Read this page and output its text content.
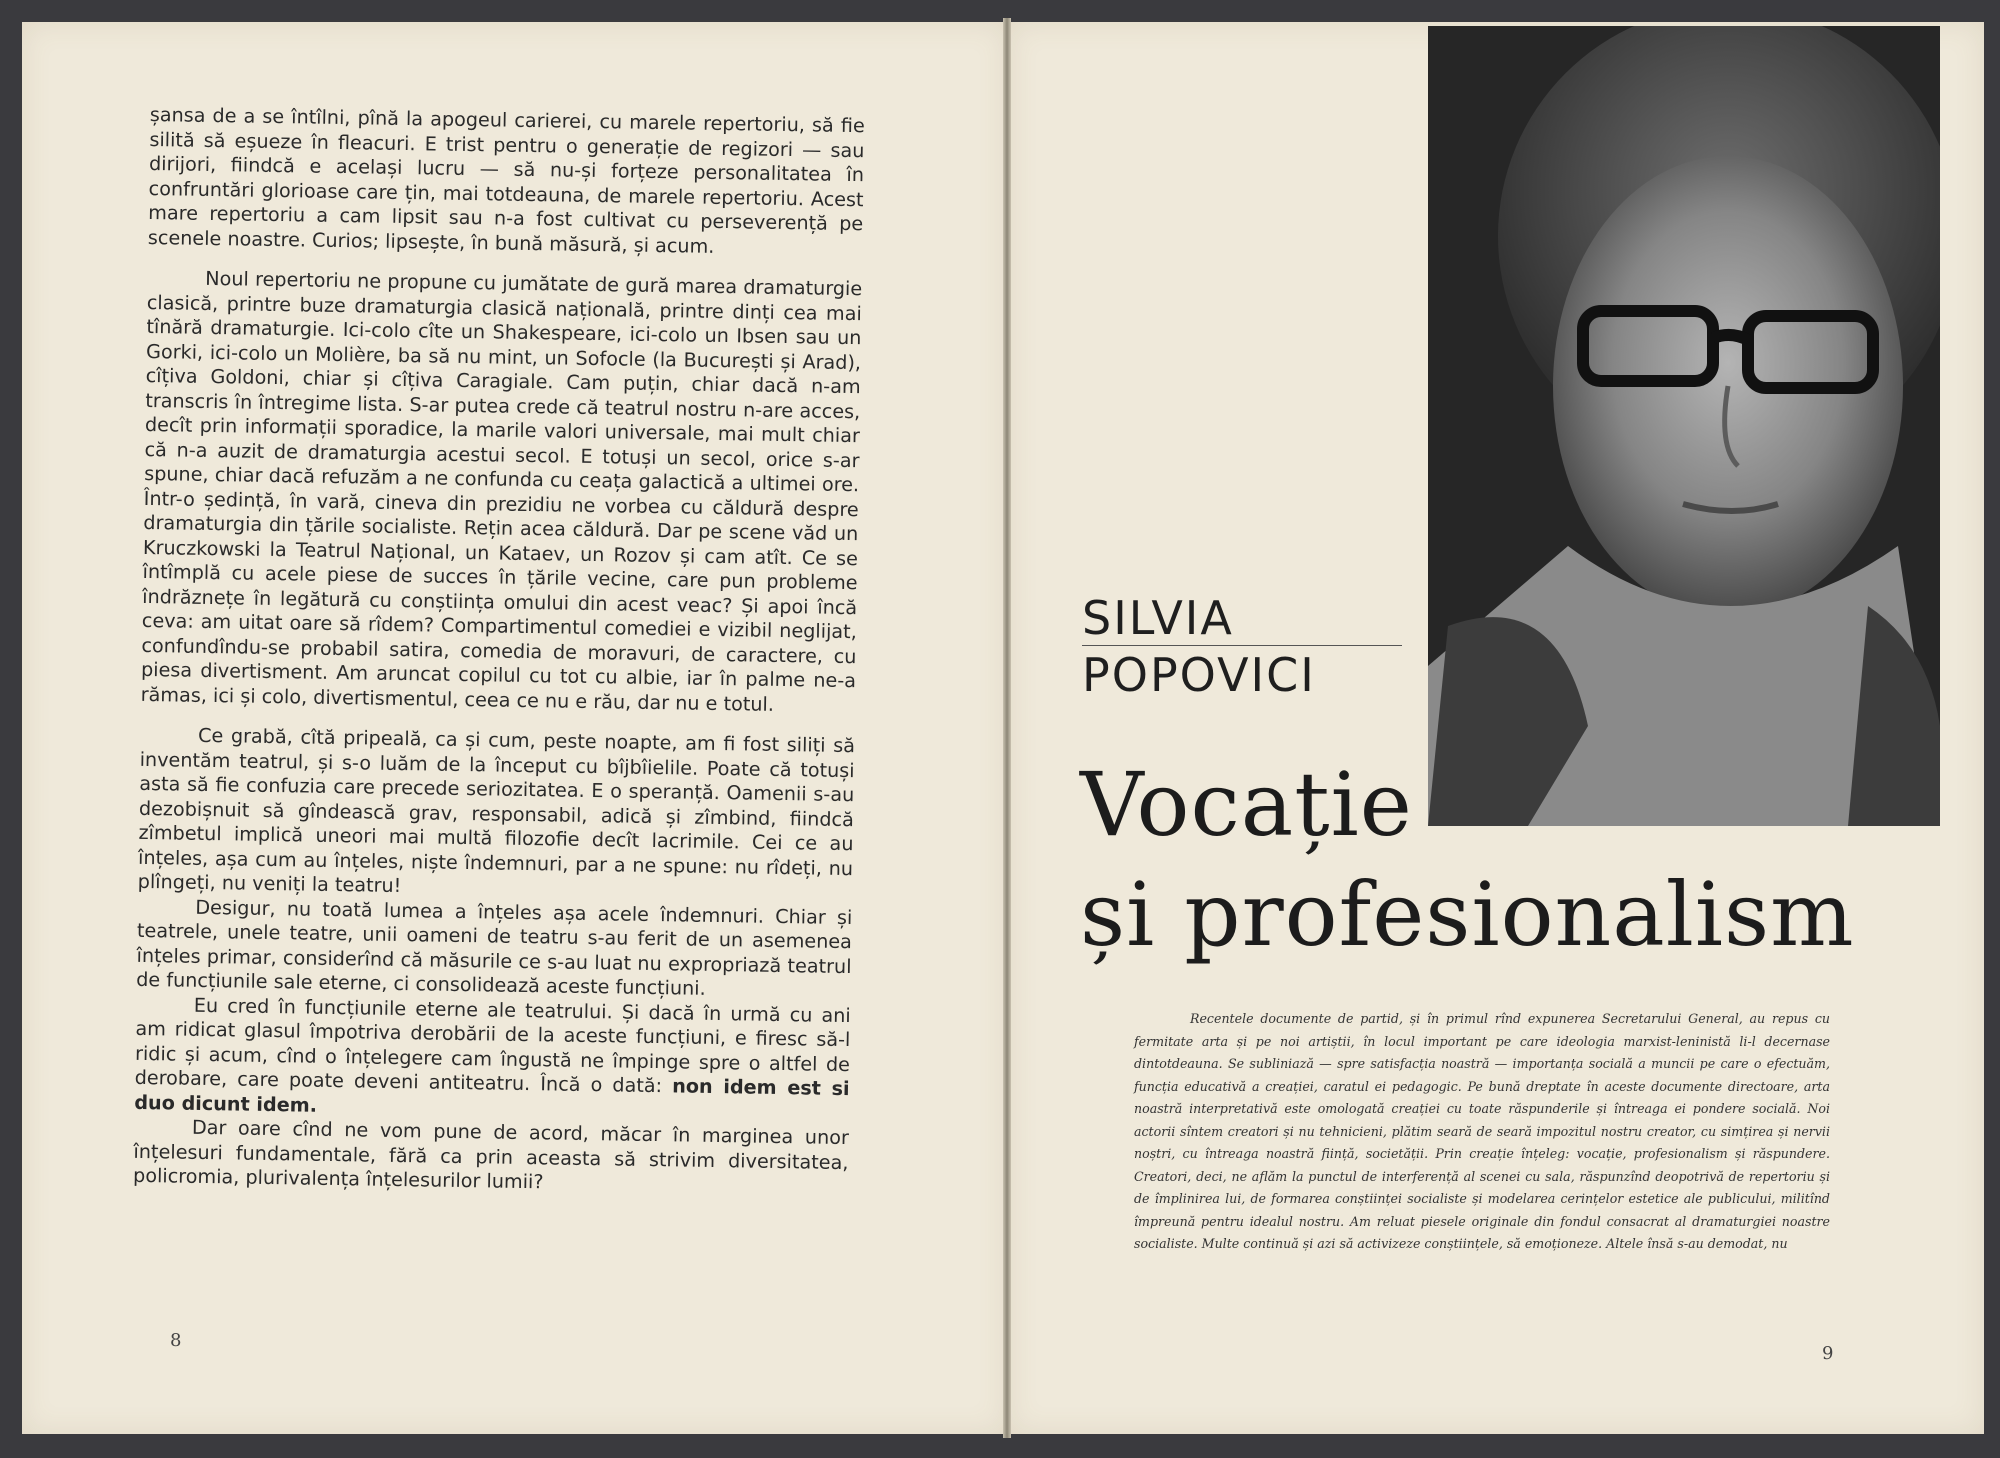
șansa de a se întîlni, pînă la apogeul carierei, cu marele repertoriu, să fie silită să eșueze în fleacuri. E trist pentru o generație de regizori — sau dirijori, fiindcă e același lucru — să nu-și forțeze personalitatea în confruntări glorioase care țin, mai totdeauna, de marele repertoriu. Acest mare repertoriu a cam lipsit sau n-a fost cultivat cu perseverență pe scenele noastre. Curios; lipsește, în bună măsură, și acum.

Noul repertoriu ne propune cu jumătate de gură marea dramaturgie clasică, printre buze dramaturgia clasică națională, printre dinți cea mai tînără dramaturgie. Ici-colo cîte un Shakespeare, ici-colo un Ibsen sau un Gorki, ici-colo un Molière, ba să nu mint, un Sofocle (la București și Arad), cîțiva Goldoni, chiar și cîțiva Caragiale. Cam puțin, chiar dacă n-am transcris în întregime lista. S-ar putea crede că teatrul nostru n-are acces, decît prin informații sporadice, la marile valori universale, mai mult chiar că n-a auzit de dramaturgia acestui secol. E totuși un secol, orice s-ar spune, chiar dacă refuzăm a ne confunda cu ceața galactică a ultimei ore. Într-o ședință, în vară, cineva din prezidiu ne vorbea cu căldură despre dramaturgia din țările socialiste. Rețin acea căldură. Dar pe scene văd un Kruczkowski la Teatrul Național, un Kataev, un Rozov și cam atît. Ce se întîmplă cu acele piese de succes în țările vecine, care pun probleme îndrăznețe în legătură cu conștiința omului din acest veac? Și apoi încă ceva: am uitat oare să rîdem? Compartimentul comediei e vizibil neglijat, confundîndu-se probabil satira, comedia de moravuri, de caractere, cu piesa divertisment. Am aruncat copilul cu tot cu albie, iar în palme ne-a rămas, ici și colo, divertismentul, ceea ce nu e rău, dar nu e totul.

Ce grabă, cîtă pripeală, ca și cum, peste noapte, am fi fost siliți să inventăm teatrul, și s-o luăm de la început cu bîjbîielile. Poate că totuși asta să fie confuzia care precede seriozitatea. E o speranță. Oamenii s-au dezobișnuit să gîndească grav, responsabil, adică și zîmbind, fiindcă zîmbetul implică uneori mai multă filozofie decît lacrimile. Cei ce au înțeles, așa cum au înțeles, niște îndemnuri, par a ne spune: nu rîdeți, nu plîngeți, nu veniți la teatru!

Desigur, nu toată lumea a înțeles așa acele îndemnuri. Chiar și teatrele, unele teatre, unii oameni de teatru s-au ferit de un asemenea înțeles primar, considerînd că măsurile ce s-au luat nu expropriază teatrul de funcțiunile sale eterne, ci consolidează aceste funcțiuni.

Eu cred în funcțiunile eterne ale teatrului. Și dacă în urmă cu ani am ridicat glasul împotriva derobării de la aceste funcțiuni, e firesc să-l ridic și acum, cînd o înțelegere cam îngustă ne împinge spre o altfel de derobare, care poate deveni antiteatru. Încă o dată: non idem est si duo dicunt idem.

Dar oare cînd ne vom pune de acord, măcar în marginea unor înțelesuri fundamentale, fără ca prin aceasta să strivim diversitatea, policromia, plurivalența înțelesurilor lumii?

8
SILVIA
POPOVICI
Vocație
și profesionalism

Recentele documente de partid, și în primul rînd expunerea Secretarului General, au repus cu fermitate arta și pe noi artiștii, în locul important pe care ideologia marxist-leninistă li-l decernase dintotdeauna. Se subliniază — spre satisfacția noastră — importanța socială a muncii pe care o efectuăm, funcția educativă a creației, caratul ei pedagogic. Pe bună dreptate în aceste documente directoare, arta noastră interpretativă este omologată creației cu toate răspunderile și întreaga ei pondere socială. Noi actorii sîntem creatori și nu tehnicieni, plătim seară de seară impozitul nostru creator, cu simțirea și nervii noștri, cu întreaga noastră ființă, societății. Prin creație înțeleg: vocație, profesionalism și răspundere. Creatori, deci, ne aflăm la punctul de interferență al scenei cu sala, răspunzînd deopotrivă de repertoriu și de împlinirea lui, de formarea conștiinței socialiste și modelarea cerințelor estetice ale publicului, militînd împreună pentru idealul nostru. Am reluat piesele originale din fondul consacrat al dramaturgiei noastre socialiste. Multe continuă și azi să activizeze conștiințele, să emoționeze. Altele însă s-au demodat, nu

9
